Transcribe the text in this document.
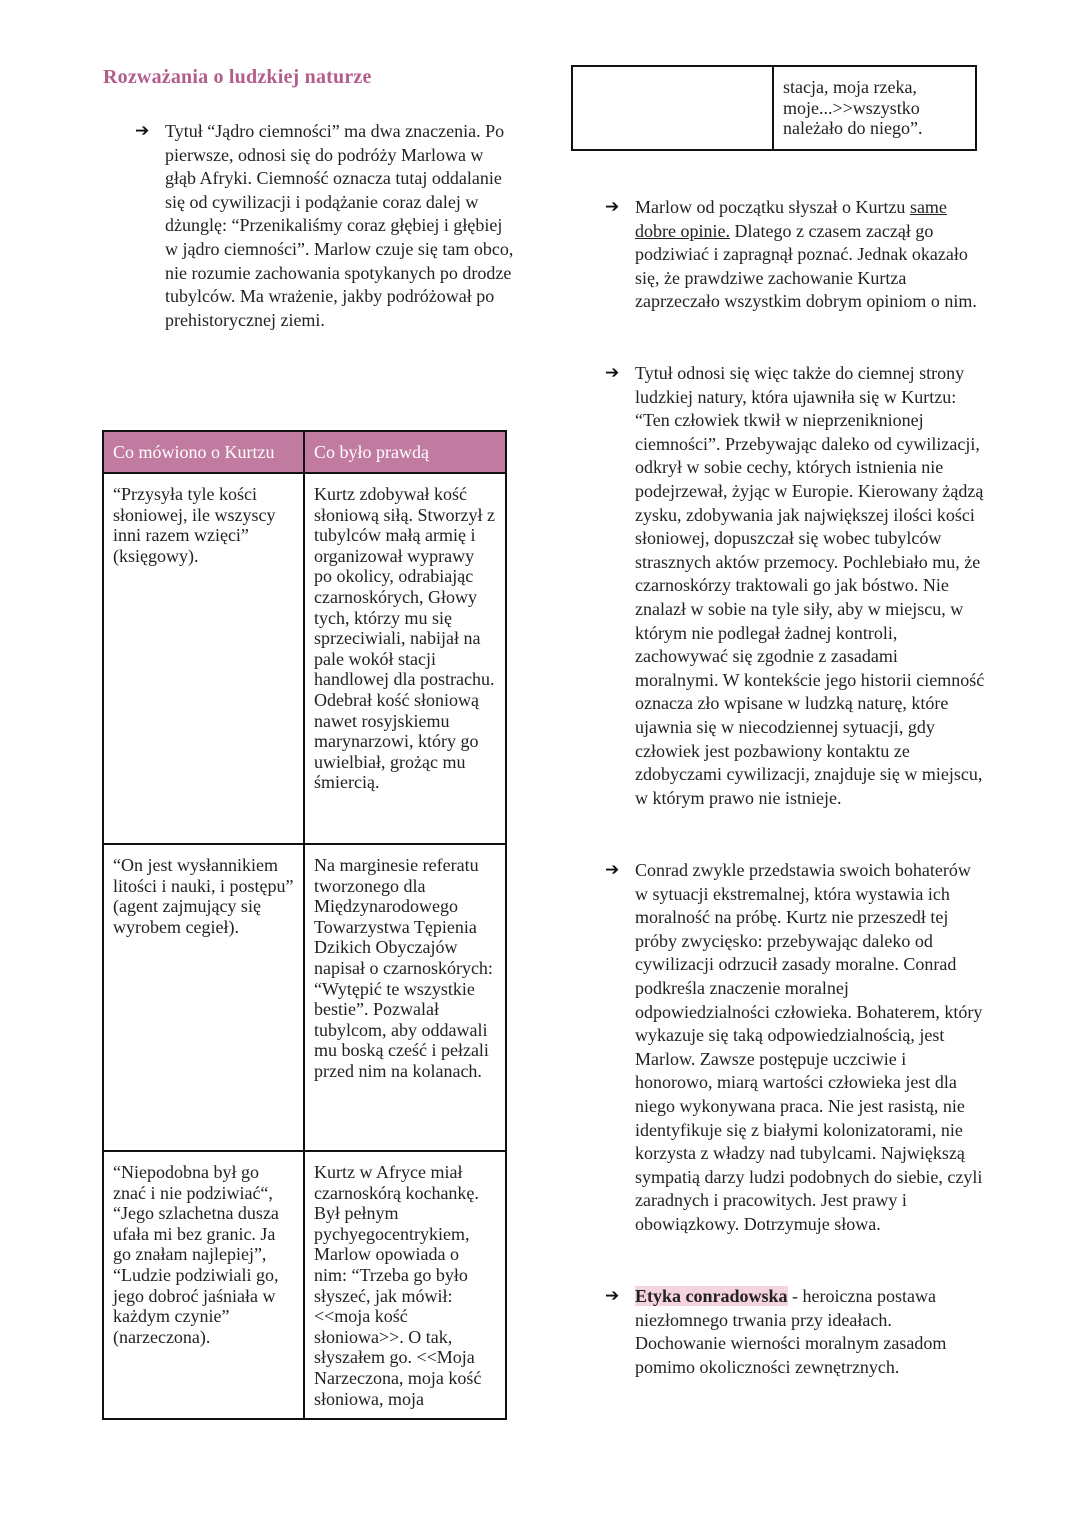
Rozważania o ludzkiej naturze
➔ Tytuł “Jądro ciemności” ma dwa znaczenia. Po pierwsze, odnosi się do podróży Marlowa w głąb Afryki. Ciemność oznacza tutaj oddalanie się od cywilizacji i podążanie coraz dalej w dżunglę: “Przenikaliśmy coraz głębiej i głębiej w jądro ciemności”. Marlow czuje się tam obco, nie rozumie zachowania spotykanych po drodze tubylców. Ma wrażenie, jakby podróżował po prehistorycznej ziemi.
Co mówiono o Kurtzu	Co było prawdą
“Przysyła tyle kości słoniowej, ile wszyscy inni razem wzięci” (księgowy).	Kurtz zdobywał kość słoniową siłą. Stworzył z tubylców małą armię i organizował wyprawy po okolicy, odrabiając czarnoskórych, Głowy tych, którzy mu się sprzeciwiali, nabijał na pale wokół stacji handlowej dla postrachu. Odebrał kość słoniową nawet rosyjskiemu marynarzowi, który go uwielbiał, grożąc mu śmiercią.
“On jest wysłannikiem litości i nauki, i postępu” (agent zajmujący się wyrobem cegieł).	Na marginesie referatu tworzonego dla Międzynarodowego Towarzystwa Tępienia Dzikich Obyczajów napisał o czarnoskórych: “Wytępić te wszystkie bestie”. Pozwalał tubylcom, aby oddawali mu boską cześć i pełzali przed nim na kolanach.
“Niepodobna był go znać i nie podziwiać“, “Jego szlachetna dusza ufała mi bez granic. Ja go znałam najlepiej”, “Ludzie podziwiali go, jego dobroć jaśniała w każdym czynie” (narzeczona).	Kurtz w Afryce miał czarnoskórą kochankę. Był pełnym pychyegocentrykiem, Marlow opowiada o nim: “Trzeba go było słyszeć, jak mówił: <<moja kość słoniowa>>. O tak, słyszałem go. <<Moja Narzeczona, moja kość słoniowa, moja
	stacja, moja rzeka, moje...>>wszystko należało do niego”.
➔ Marlow od początku słyszał o Kurtzu same dobre opinie. Dlatego z czasem zaczął go podziwiać i zapragnął poznać. Jednak okazało się, że prawdziwe zachowanie Kurtza zaprzeczało wszystkim dobrym opiniom o nim.
➔ Tytuł odnosi się więc także do ciemnej strony ludzkiej natury, która ujawniła się w Kurtzu: “Ten człowiek tkwił w nieprzeniknionej ciemności”. Przebywając daleko od cywilizacji, odkrył w sobie cechy, których istnienia nie podejrzewał, żyjąc w Europie. Kierowany żądzą zysku, zdobywania jak największej ilości kości słoniowej, dopuszczał się wobec tubylców strasznych aktów przemocy. Pochlebiało mu, że czarnoskórzy traktowali go jak bóstwo. Nie znalazł w sobie na tyle siły, aby w miejscu, w którym nie podlegał żadnej kontroli, zachowywać się zgodnie z zasadami moralnymi. W kontekście jego historii ciemność oznacza zło wpisane w ludzką naturę, które ujawnia się w niecodziennej sytuacji, gdy człowiek jest pozbawiony kontaktu ze zdobyczami cywilizacji, znajduje się w miejscu, w którym prawo nie istnieje.
➔ Conrad zwykle przedstawia swoich bohaterów w sytuacji ekstremalnej, która wystawia ich moralność na próbę. Kurtz nie przeszedł tej próby zwycięsko: przebywając daleko od cywilizacji odrzucił zasady moralne. Conrad podkreśla znaczenie moralnej odpowiedzialności człowieka. Bohaterem, który wykazuje się taką odpowiedzialnością, jest Marlow. Zawsze postępuje uczciwie i honorowo, miarą wartości człowieka jest dla niego wykonywana praca. Nie jest rasistą, nie identyfikuje się z białymi kolonizatorami, nie korzysta z władzy nad tubylcami. Największą sympatią darzy ludzi podobnych do siebie, czyli zaradnych i pracowitych. Jest prawy i obowiązkowy. Dotrzymuje słowa.
➔ Etyka conradowska - heroiczna postawa niezłomnego trwania przy ideałach. Dochowanie wierności moralnym zasadom pomimo okoliczności zewnętrznych.
